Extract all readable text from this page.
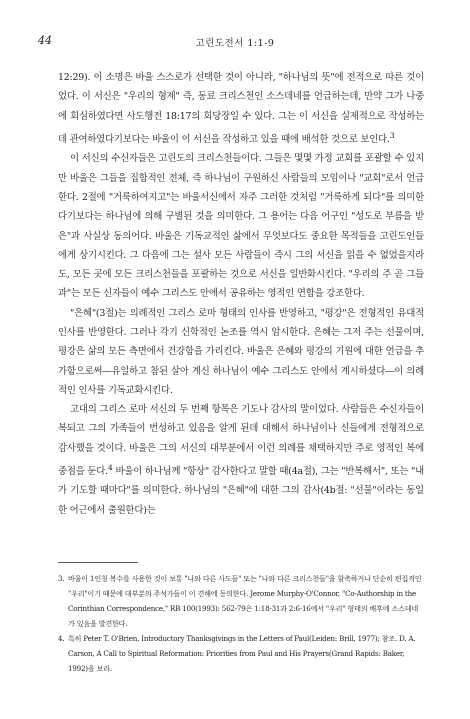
44	고린도전서 1:1-9

12:29). 이 소명은 바울 스스로가 선택한 것이 아니라, "하나님의 뜻"에 전적으로 따른 것이었다. 이 서신은 "우리의 형제" 즉, 동료 크리스천인 소스데네를 언급하는데, 만약 그가 나중에 회심하였다면 사도행전 18:17의 회당장일 수 있다. 그는 이 서신을 실제적으로 작성하는데 관여하였다기보다는 바울이 이 서신을 작성하고 있을 때에 배석한 것으로 보인다.$^3$

이 서신의 수신자들은 고린도의 크리스천들이다. 그들은 몇몇 가정 교회를 포괄할 수 있지만 바울은 그들을 집합적인 전체, 즉 하나님이 구원하신 사람들의 모임이나 "교회"로서 언급한다. 2절에 "거룩하여지고"는 바울서신에서 자주 그러한 것처럼 "거룩하게 되다"를 의미한다기보다는 하나님에 의해 구별된 것을 의미한다. 그 용어는 다음 어구인 "성도로 부름을 받은"과 사실상 동의어다. 바울은 기독교적인 삶에서 무엇보다도 중요한 목적들을 고린도인들에게 상기시킨다. 그 다음에 그는 설사 모든 사람들이 즉시 그의 서신을 읽을 수 없었을지라도, 모든 곳에 모든 크리스천들을 포괄하는 것으로 서신을 일반화시킨다. "우리의 주 곧 그들과"는 모든 신자들이 예수 그리스도 안에서 공유하는 영적인 연합을 강조한다.

"은혜"(3절)는 의례적인 그리스 로마 형태의 인사를 반영하고, "평강"은 전형적인 유대적 인사를 반영한다. 그러나 각기 신학적인 논조를 역시 암시한다. 은혜는 그저 주는 선물이며, 평강은 삶의 모든 측면에서 건강함을 가리킨다. 바울은 은혜와 평강의 기원에 대한 언급을 추가함으로써―유일하고 참된 살아 계신 하나님이 예수 그리스도 안에서 계시하셨다―이 의례적인 인사를 기독교화시킨다.

고대의 그리스 로마 서신의 두 번째 항목은 기도나 감사의 말이었다. 사람들은 수신자들이 복되고 그의 가족들이 번성하고 있음을 알게 된데 대해서 하나님이나 신들에게 전형적으로 감사했을 것이다. 바울은 그의 서신의 대부분에서 이런 의례를 채택하지만 주로 영적인 복에 중점을 둔다.$^4$ 바울이 하나님께 "항상" 감사한다고 말할 때(4a절), 그는 "반복해서", 또는 "내가 기도할 때마다"를 의미한다. 하나님의 "은혜"에 대한 그의 감사(4b절: "선물"이라는 동일한 어근에서 출원한다)는

3. 바울이 1인칭 복수를 사용한 것이 보통 "나와 다른 사도들" 또는 "나와 다른 크리스천들"을 함축하거나 단순히 편집적인 "우리"이기 때문에 대부분의 주석가들이 이 견해에 동의한다. Jerome Murphy-O'Connor, "Co-Authorship in the Corinthian Correspondence," RB 100(1993): 562-79은 1:18-31과 2:6-16에서 "우리" 형태의 배후에 소스데네가 있음을 발견한다.

4. 특히 Peter T. O'Brien, Introductory Thanksgivings in the Letters of Paul(Leiden: Brill, 1977); 참조. D. A. Carson, A Call to Spiritual Reformation: Priorities from Paul and His Prayers(Grand Rapids: Baker, 1992)을 보라.
